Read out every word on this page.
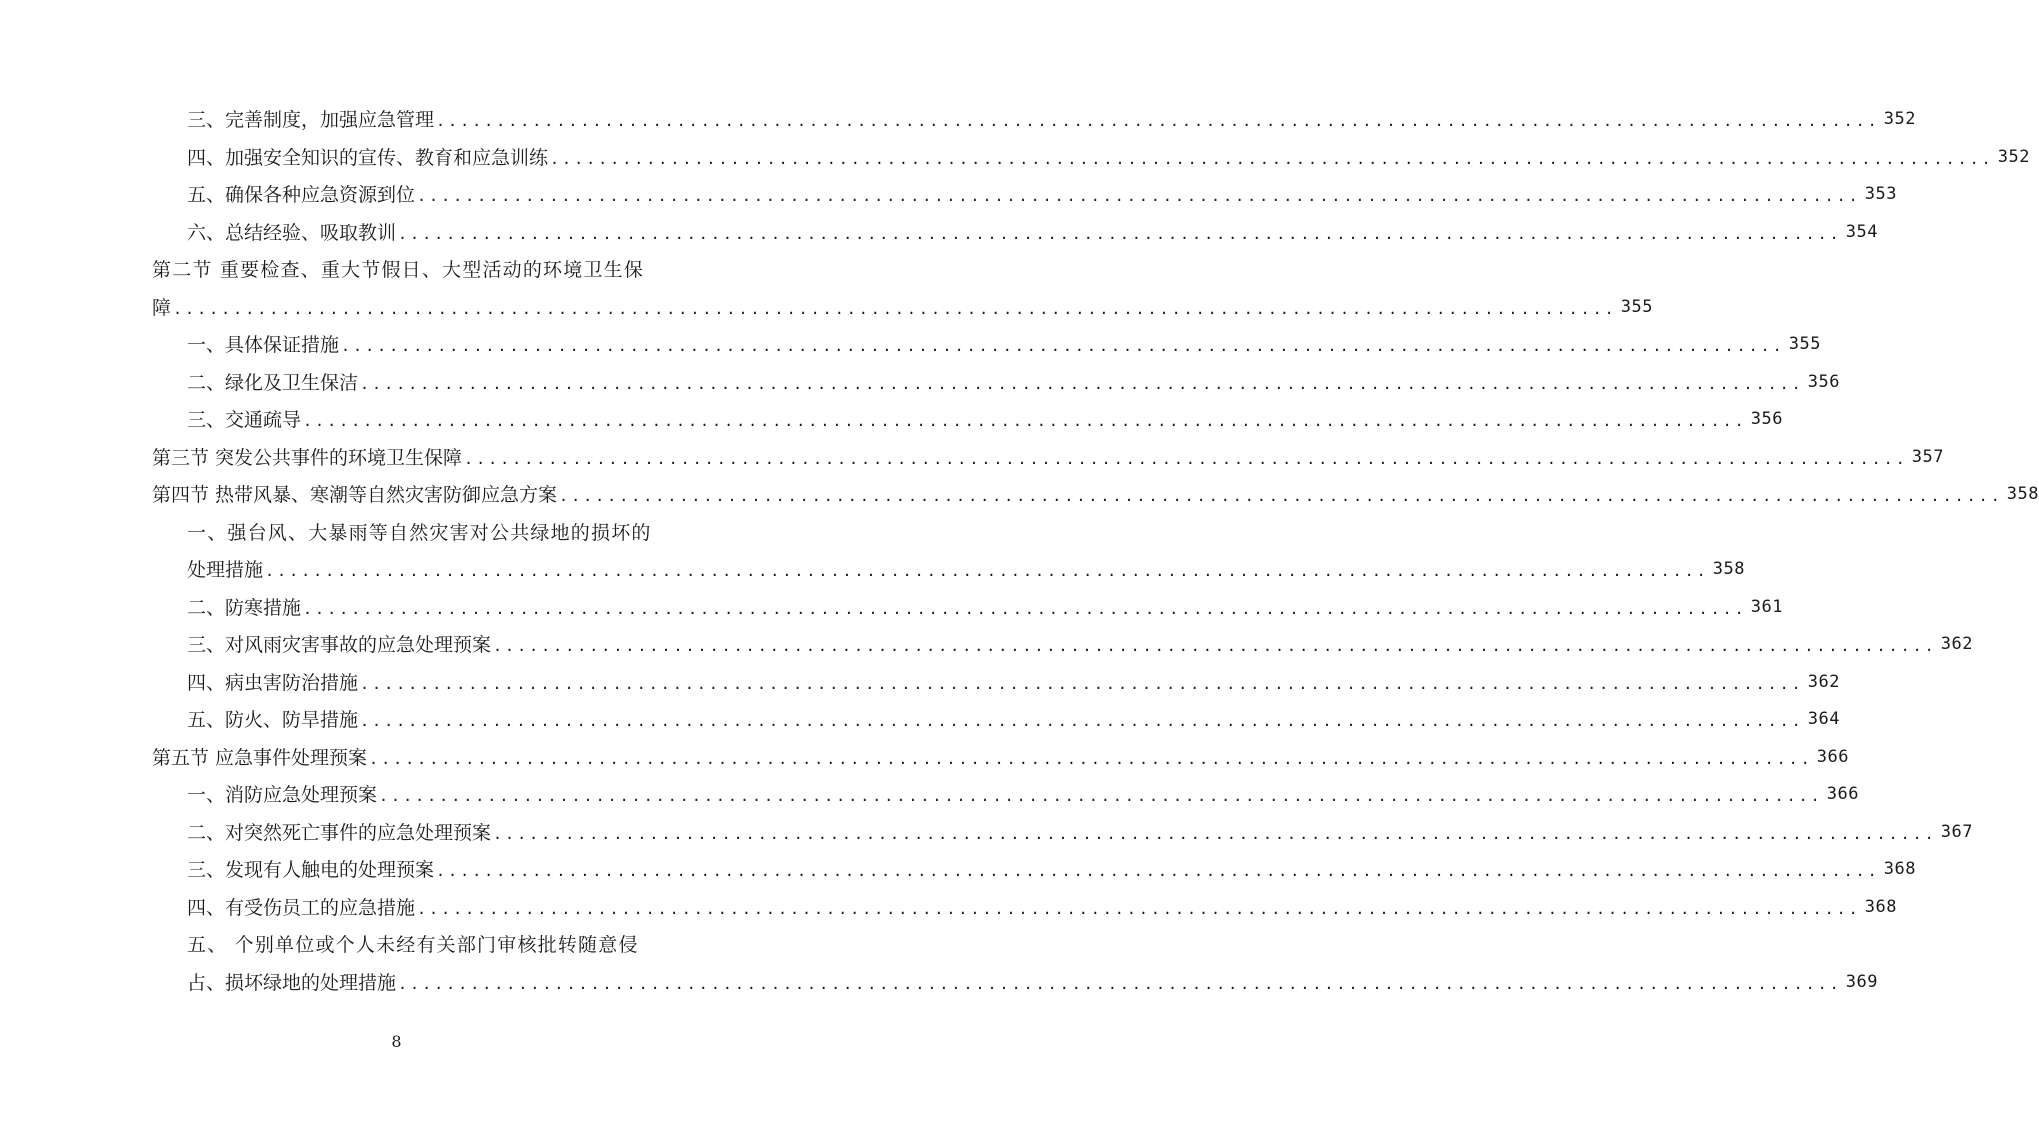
三、完善制度，加强应急管理 ........................................................................................................................ 352
四、加强安全知识的宣传、教育和应急训练 ........................................................................................................................ 352
五、确保各种应急资源到位 ........................................................................................................................ 353
六、总结经验、吸取教训 ........................................................................................................................ 354
第二节 重要检查、重大节假日、大型活动的环境卫生保
障 ........................................................................................................................ 355
一、具体保证措施 ........................................................................................................................ 355
二、绿化及卫生保洁 ........................................................................................................................ 356
三、交通疏导 ........................................................................................................................ 356
第三节 突发公共事件的环境卫生保障 ........................................................................................................................ 357
第四节 热带风暴、寒潮等自然灾害防御应急方案 ........................................................................................................................ 358
一、强台风、大暴雨等自然灾害对公共绿地的损坏的
处理措施 ........................................................................................................................ 358
二、防寒措施 ........................................................................................................................ 361
三、对风雨灾害事故的应急处理预案 ........................................................................................................................ 362
四、病虫害防治措施 ........................................................................................................................ 362
五、防火、防旱措施 ........................................................................................................................ 364
第五节 应急事件处理预案 ........................................................................................................................ 366
一、消防应急处理预案 ........................................................................................................................ 366
二、对突然死亡事件的应急处理预案 ........................................................................................................................ 367
三、发现有人触电的处理预案 ........................................................................................................................ 368
四、有受伤员工的应急措施 ........................................................................................................................ 368
五、 个别单位或个人未经有关部门审核批转随意侵
占、损坏绿地的处理措施 ........................................................................................................................ 369
8
